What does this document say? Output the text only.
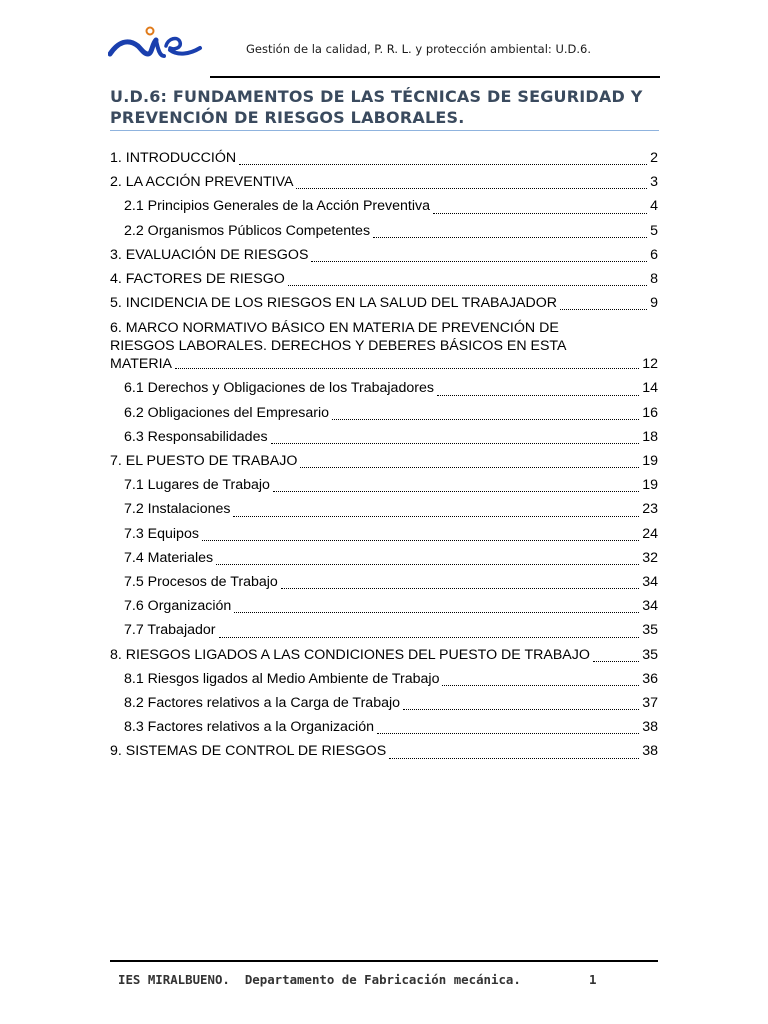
Gestión de la calidad, P. R. L. y protección ambiental: U.D.6.
U.D.6: FUNDAMENTOS DE LAS TÉCNICAS DE SEGURIDAD Y
PREVENCIÓN DE RIESGOS LABORALES.
1. INTRODUCCIÓN	2
2. LA ACCIÓN PREVENTIVA	3
2.1 Principios Generales de la Acción Preventiva	4
2.2 Organismos Públicos Competentes	5
3. EVALUACIÓN DE RIESGOS	6
4. FACTORES DE RIESGO	8
5. INCIDENCIA DE LOS RIESGOS EN LA SALUD DEL TRABAJADOR	9
6. MARCO NORMATIVO BÁSICO EN MATERIA DE PREVENCIÓN DE
RIESGOS LABORALES. DERECHOS Y DEBERES BÁSICOS EN ESTA
MATERIA	12
6.1 Derechos y Obligaciones de los Trabajadores	14
6.2 Obligaciones del Empresario	16
6.3 Responsabilidades	18
7. EL PUESTO DE TRABAJO	19
7.1 Lugares de Trabajo	19
7.2 Instalaciones	23
7.3 Equipos	24
7.4 Materiales	32
7.5 Procesos de Trabajo	34
7.6 Organización	34
7.7 Trabajador	35
8. RIESGOS LIGADOS A LAS CONDICIONES DEL PUESTO DE TRABAJO	35
8.1 Riesgos ligados al Medio Ambiente de Trabajo	36
8.2 Factores relativos a la Carga de Trabajo	37
8.3 Factores relativos a la Organización	38
9. SISTEMAS DE CONTROL DE RIESGOS	38
IES MIRALBUENO.  Departamento de Fabricación mecánica.	1
